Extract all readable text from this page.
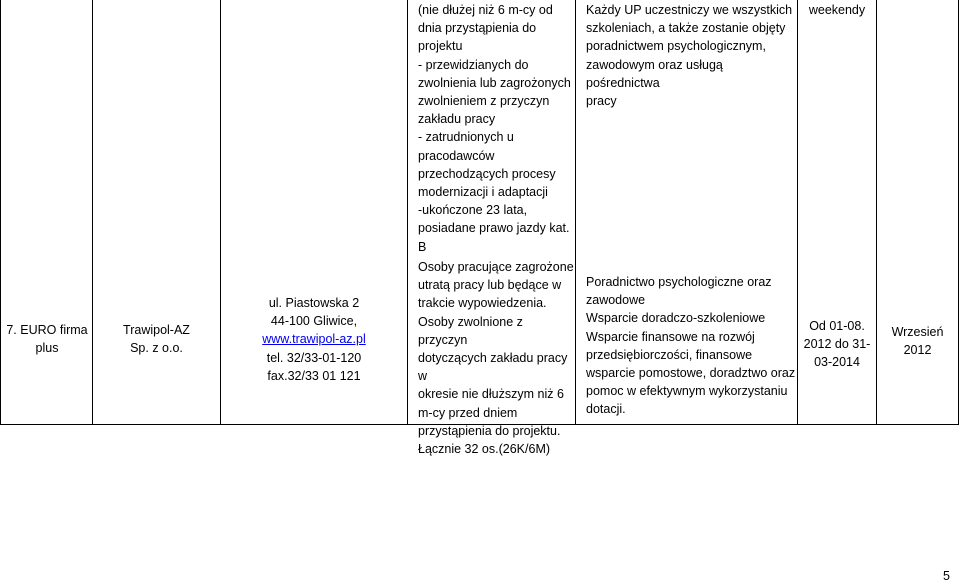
7. EURO firma
plus
Trawipol-AZ
Sp. z o.o.
ul. Piastowska 2
44-100 Gliwice,
www.trawipol-az.pl
tel. 32/33-01-120
fax.32/33 01 121
(nie dłużej niż 6 m-cy od
dnia przystąpienia do
projektu
- przewidzianych do
zwolnienia lub zagrożonych
zwolnieniem z przyczyn
zakładu pracy
- zatrudnionych u
pracodawców
przechodzących procesy
modernizacji i adaptacji
-ukończone 23 lata,
posiadane prawo jazdy kat.
B
Osoby pracujące zagrożone
utratą pracy lub będące w
trakcie wypowiedzenia.
Osoby zwolnione z przyczyn
dotyczących zakładu pracy w
okresie nie dłuższym niż 6
m-cy przed dniem
przystąpienia do projektu.
Łącznie 32 os.(26K/6M)
Każdy UP uczestniczy we wszystkich
szkoleniach, a także zostanie objęty
poradnictwem psychologicznym,
zawodowym oraz usługą pośrednictwa
pracy
Poradnictwo psychologiczne oraz
zawodowe
Wsparcie doradczo-szkoleniowe
Wsparcie finansowe na rozwój
przedsiębiorczości, finansowe
wsparcie pomostowe, doradztwo oraz
pomoc w efektywnym wykorzystaniu
dotacji.
weekendy
Od 01-08.
2012 do 31-
03-2014
Wrzesień
2012
5
